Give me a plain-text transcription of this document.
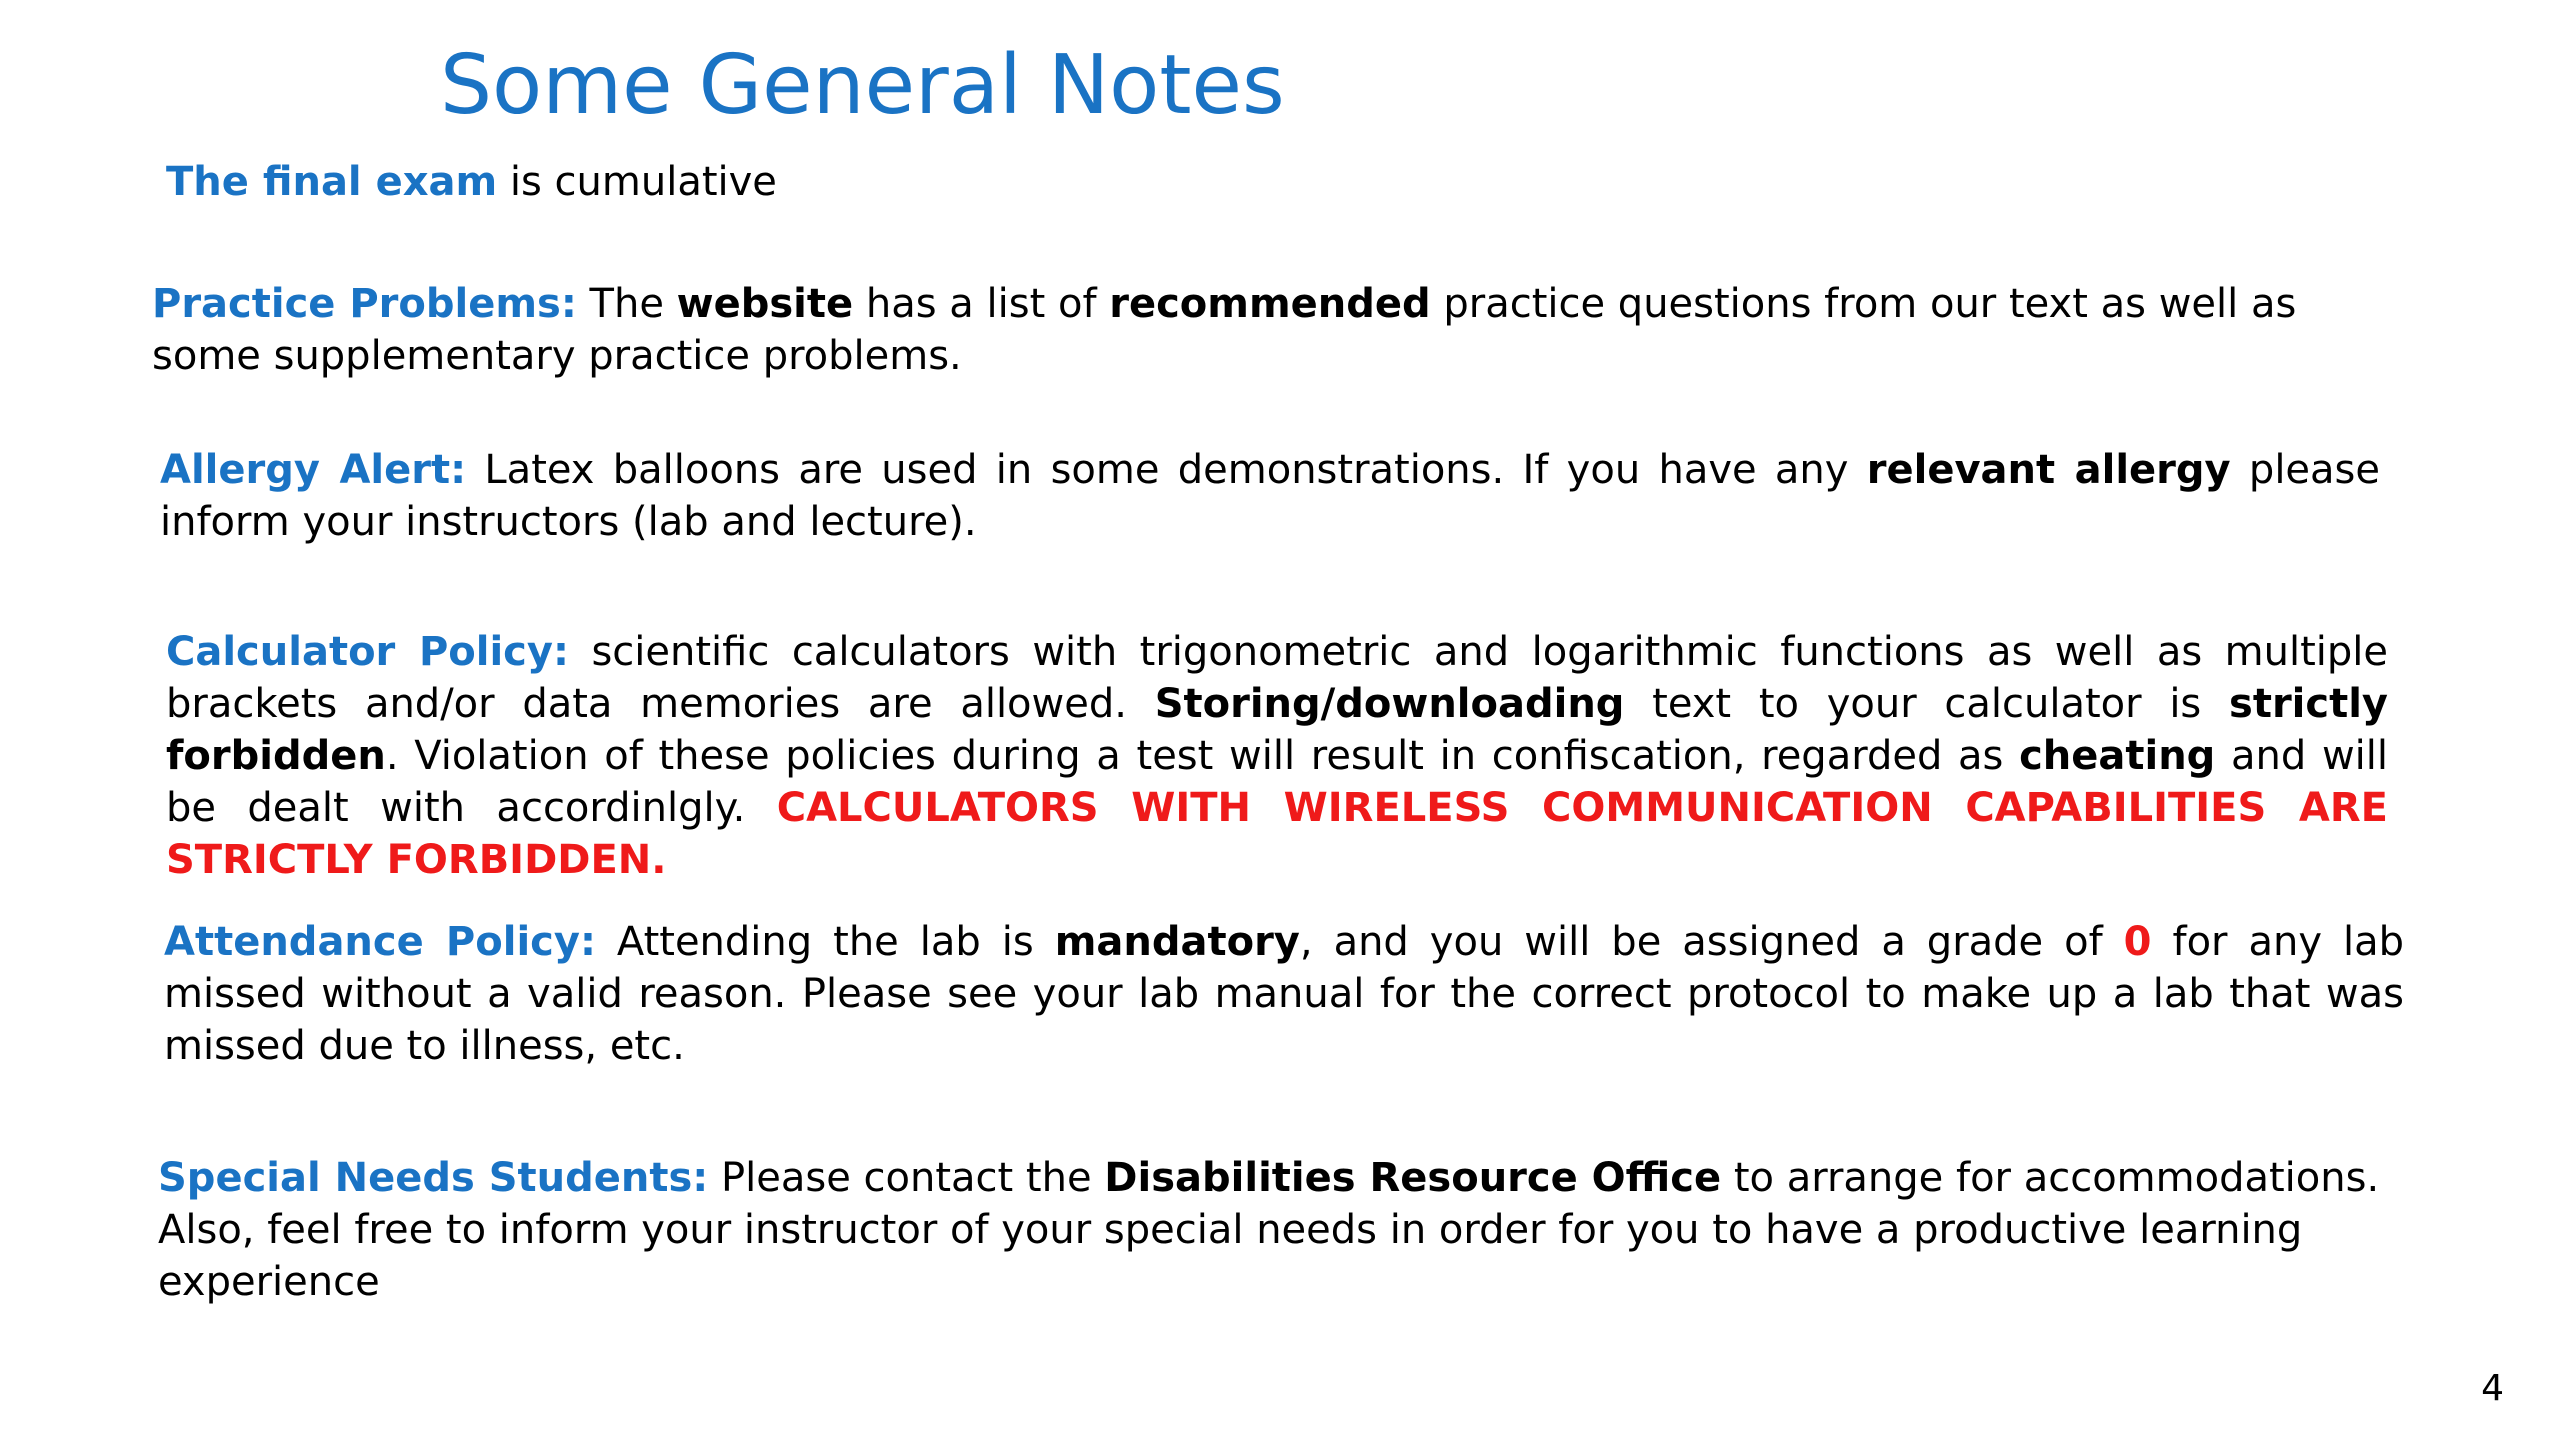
Some General Notes

The final exam is cumulative

Practice Problems: The website has a list of recommended practice questions from our text as well as some supplementary practice problems.

Allergy Alert: Latex balloons are used in some demonstrations. If you have any relevant allergy please inform your instructors (lab and lecture).

Calculator Policy: scientific calculators with trigonometric and logarithmic functions as well as multiple brackets and/or data memories are allowed. Storing/downloading text to your calculator is strictly forbidden. Violation of these policies during a test will result in confiscation, regarded as cheating and will be dealt with accordinlgly. CALCULATORS WITH WIRELESS COMMUNICATION CAPABILITIES ARE STRICTLY FORBIDDEN.

Attendance Policy: Attending the lab is mandatory, and you will be assigned a grade of 0 for any lab missed without a valid reason. Please see your lab manual for the correct protocol to make up a lab that was missed due to illness, etc.

Special Needs Students: Please contact the Disabilities Resource Office to arrange for accommodations. Also, feel free to inform your instructor of your special needs in order for you to have a productive learning experience

4
